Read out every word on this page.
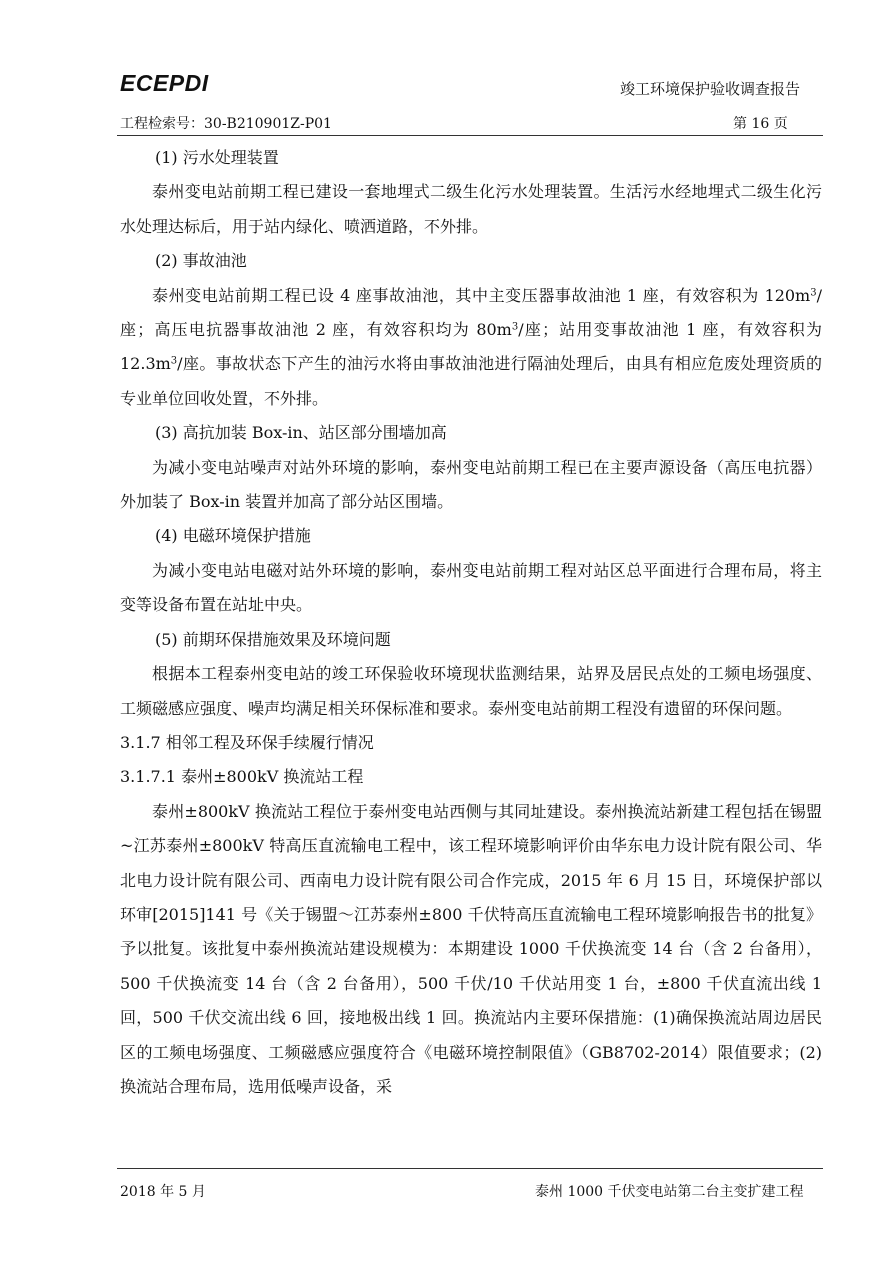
ECEPDI	竣工环境保护验收调查报告
工程检索号：30-B210901Z-P01	第 16 页

(1) 污水处理装置

泰州变电站前期工程已建设一套地埋式二级生化污水处理装置。生活污水经地埋式二级生化污水处理达标后，用于站内绿化、喷洒道路，不外排。

(2) 事故油池

泰州变电站前期工程已设 4 座事故油池，其中主变压器事故油池 1 座，有效容积为 $120m^3/$座；高压电抗器事故油池 2 座，有效容积均为 $80m^3/$座；站用变事故油池 1 座，有效容积为 $12.3m^3/$座。事故状态下产生的油污水将由事故油池进行隔油处理后，由具有相应危废处理资质的专业单位回收处置，不外排。

(3) 高抗加装 Box-in、站区部分围墙加高

为减小变电站噪声对站外环境的影响，泰州变电站前期工程已在主要声源设备（高压电抗器）外加装了 Box-in 装置并加高了部分站区围墙。

(4) 电磁环境保护措施

为减小变电站电磁对站外环境的影响，泰州变电站前期工程对站区总平面进行合理布局，将主变等设备布置在站址中央。

(5) 前期环保措施效果及环境问题

根据本工程泰州变电站的竣工环保验收环境现状监测结果，站界及居民点处的工频电场强度、工频磁感应强度、噪声均满足相关环保标准和要求。泰州变电站前期工程没有遗留的环保问题。

3.1.7 相邻工程及环保手续履行情况

3.1.7.1 泰州±800kV 换流站工程

泰州±800kV 换流站工程位于泰州变电站西侧与其同址建设。泰州换流站新建工程包括在锡盟~江苏泰州±800kV 特高压直流输电工程中，该工程环境影响评价由华东电力设计院有限公司、华北电力设计院有限公司、西南电力设计院有限公司合作完成，2015 年 6 月 15 日，环境保护部以环审[2015]141 号《关于锡盟～江苏泰州±800 千伏特高压直流输电工程环境影响报告书的批复》予以批复。该批复中泰州换流站建设规模为：本期建设 1000 千伏换流变 14 台（含 2 台备用），500 千伏换流变 14 台（含 2 台备用），500 千伏/10 千伏站用变 1 台，±800 千伏直流出线 1 回，500 千伏交流出线 6 回，接地极出线 1 回。换流站内主要环保措施：(1)确保换流站周边居民区的工频电场强度、工频磁感应强度符合《电磁环境控制限值》（GB8702-2014）限值要求；(2)换流站合理布局，选用低噪声设备，采

2018 年 5 月	泰州 1000 千伏变电站第二台主变扩建工程
